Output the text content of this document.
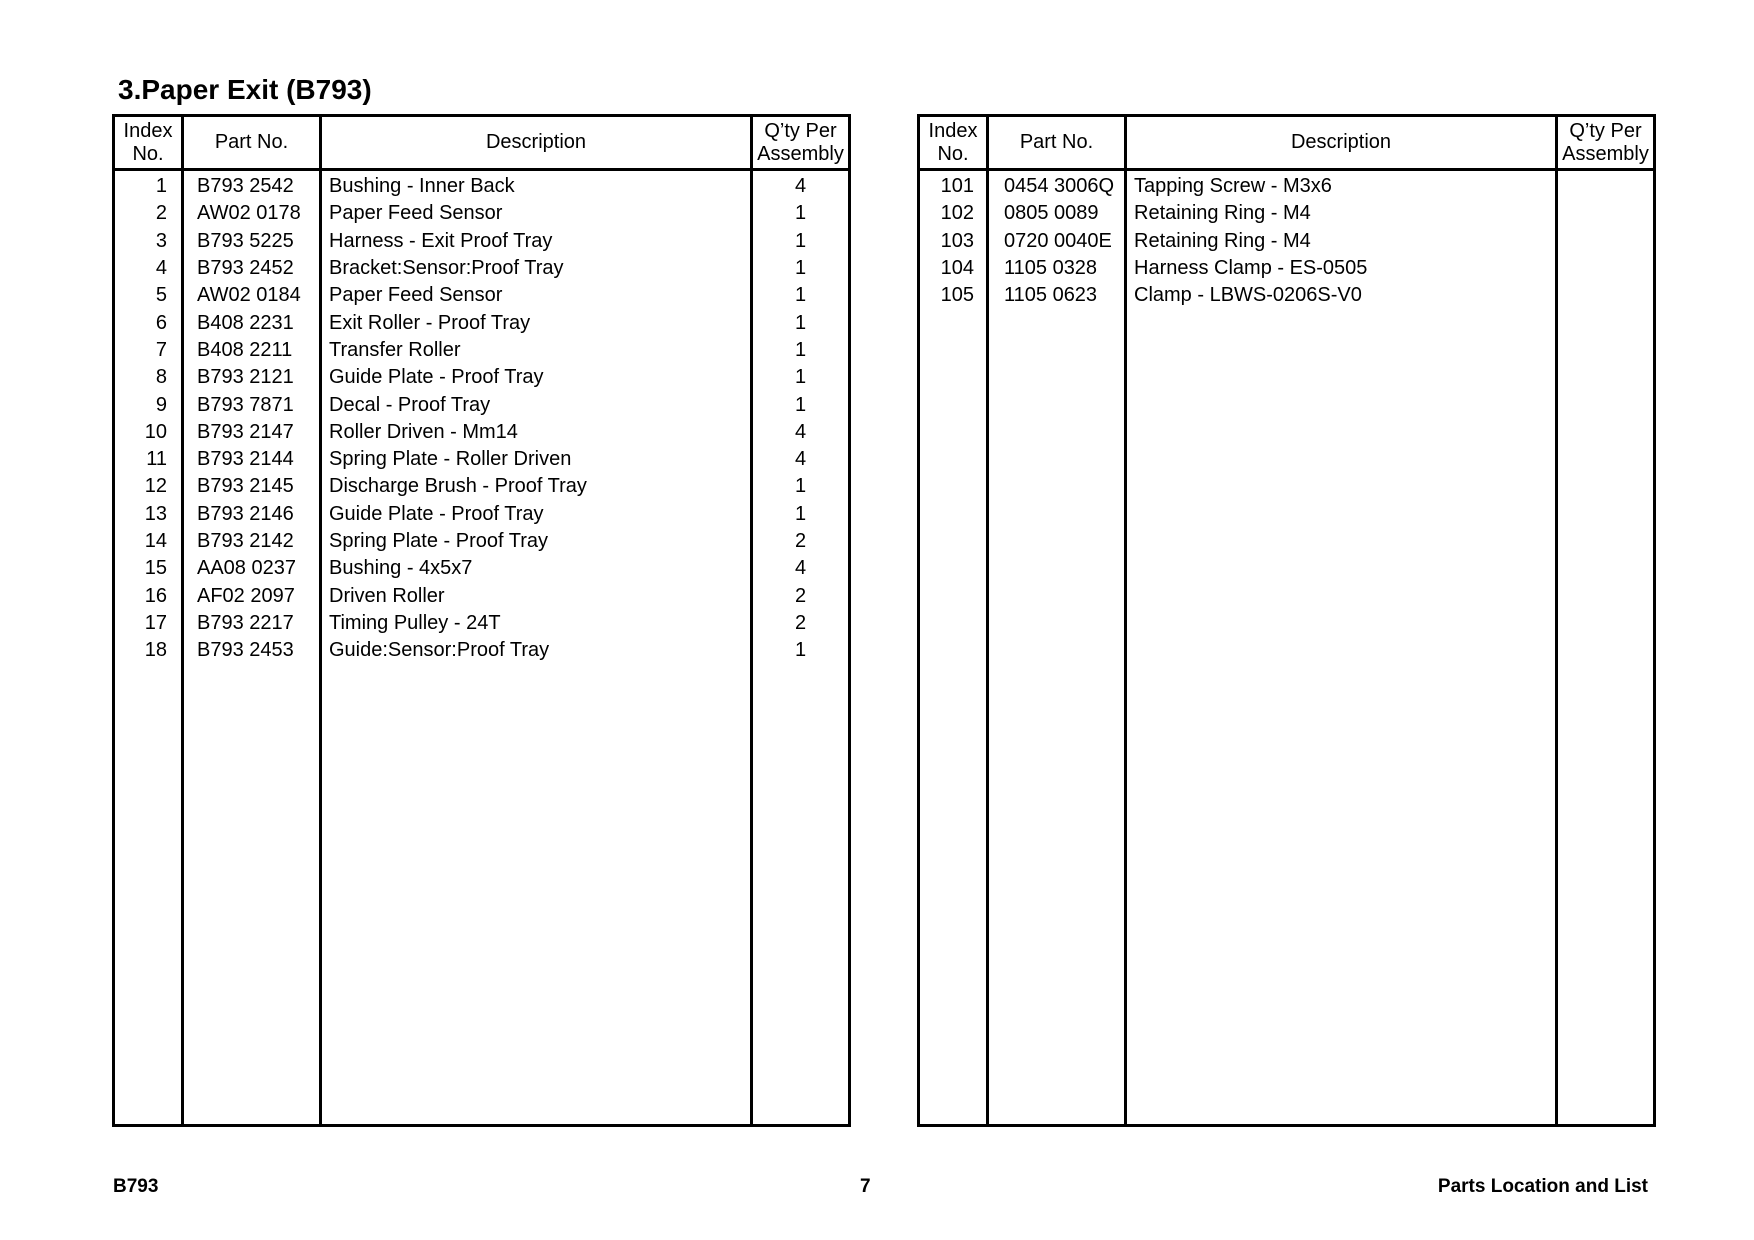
3.Paper Exit (B793)
Index
No.	Part No.	Description	Q’ty Per
Assembly
1	B793 2542	Bushing - Inner Back	4
2	AW02 0178	Paper Feed Sensor	1
3	B793 5225	Harness - Exit Proof Tray	1
4	B793 2452	Bracket:Sensor:Proof Tray	1
5	AW02 0184	Paper Feed Sensor	1
6	B408 2231	Exit Roller - Proof Tray	1
7	B408 2211	Transfer Roller	1
8	B793 2121	Guide Plate - Proof Tray	1
9	B793 7871	Decal - Proof Tray	1
10	B793 2147	Roller Driven - Mm14	4
11	B793 2144	Spring Plate - Roller Driven	4
12	B793 2145	Discharge Brush - Proof Tray	1
13	B793 2146	Guide Plate - Proof Tray	1
14	B793 2142	Spring Plate - Proof Tray	2
15	AA08 0237	Bushing - 4x5x7	4
16	AF02 2097	Driven Roller	2
17	B793 2217	Timing Pulley - 24T	2
18	B793 2453	Guide:Sensor:Proof Tray	1

Index
No.	Part No.	Description	Q’ty Per
Assembly
101	0454 3006Q	Tapping Screw - M3x6	
102	0805 0089	Retaining Ring - M4	
103	0720 0040E	Retaining Ring - M4	
104	1105 0328	Harness Clamp - ES-0505	
105	1105 0623	Clamp - LBWS-0206S-V0	

B793	7	Parts Location and List
